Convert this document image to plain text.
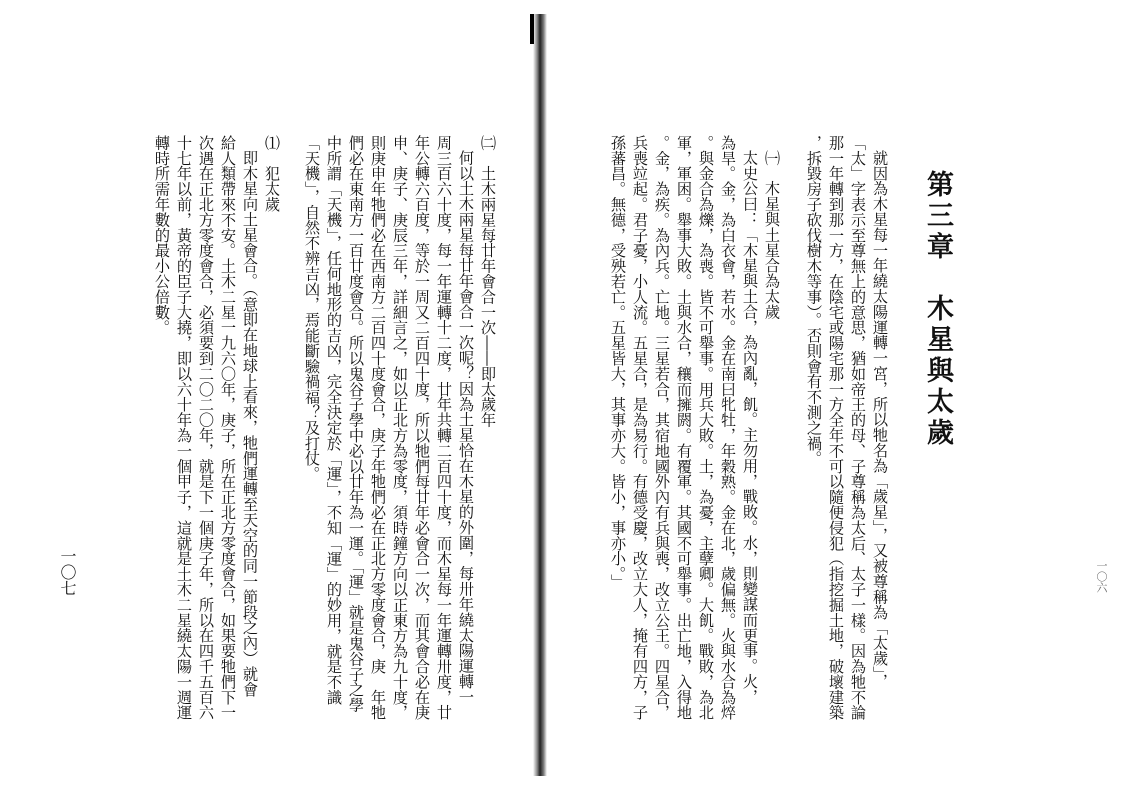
一〇六
第三章　木星與太歲
就因為木星每一年繞太陽運轉一宮，所以牠名為「歲星」，又被尊稱為「太歲」，
「太」字表示至尊無上的意思，猶如帝王的母、子尊稱為太后、太子一樣。因為牠不論
那一年轉到那一方，在陰宅或陽宅那一方全年不可以隨便侵犯（指挖掘土地，破壞建築
，拆毀房子砍伐樹木等事）。否則會有不測之禍。
㈠　木星與土星合為太歲
太史公曰：「木星與土合，為內亂，飢。主勿用，戰敗。水，則變謀而更事。火，
為旱。金，為白衣會，若水。金在南曰牝牡，年穀熟。金在北，歲偏無。火與水合為焠
。與金合為爍，為喪。皆不可舉事。用兵大敗。土，為憂，主孽卿。大飢。戰敗，為北
軍，軍困。舉事大敗。土與水合，穰而擁閼。有覆軍。其國不可舉事。出亡地，入得地
。金，為疾。為內兵。亡地。三星若合，其宿地國外內有兵與喪，改立公王。四星合，
兵喪竝起。君子憂，小人流。五星合，是為易行。有德受慶，改立大人，掩有四方，子
孫蕃昌。無德，受殃若亡。五星皆大，其事亦大。皆小，事亦小。」
㈡　土木兩星每廿年會合一次――即太歲年
何以土木兩星每廿年會合一次呢？因為土星恰在木星的外圍，每卅年繞太陽運轉一
周三百六十度，每一年運轉十二度，廿年共轉二百四十度，而木星每一年運轉卅度，廿
年公轉六百度，等於一周又二百四十度，所以牠們每廿年必會合一次，而其會合必在庚
申、庚子、庚辰三年，詳細言之，如以正北方為零度，須時鐘方向以正東方為九十度，
則庚申年牠們必在西南方二百四十度會合，庚子年牠們必在正北方零度會合，庚　年牠
們必在東南方一百廿度會合。所以鬼谷子學中必以廿年為一運。「運」就是鬼谷子之學
中所謂「天機」，任何地形的吉凶，完全決定於「運」，不知「運」的妙用，就是不識
「天機」，自然不辨吉凶，焉能斷驗禍福？及打仗。
⑴　犯太歲
即木星向土星會合。（意即在地球上看來，牠們運轉至天空的同一節段之內）就會
給人類帶來不安。土木二星一九六〇年，庚子，所在正北方零度會合，如果要牠們下一
次遇在正北方零度會合，必須要到二〇二〇年，就是下一個庚子年，所以在四千五百六
十七年以前，黃帝的臣子大撓，即以六十年為一個甲子，這就是土木二星繞太陽一週運
轉時所需年數的最小公倍數。
一〇七
